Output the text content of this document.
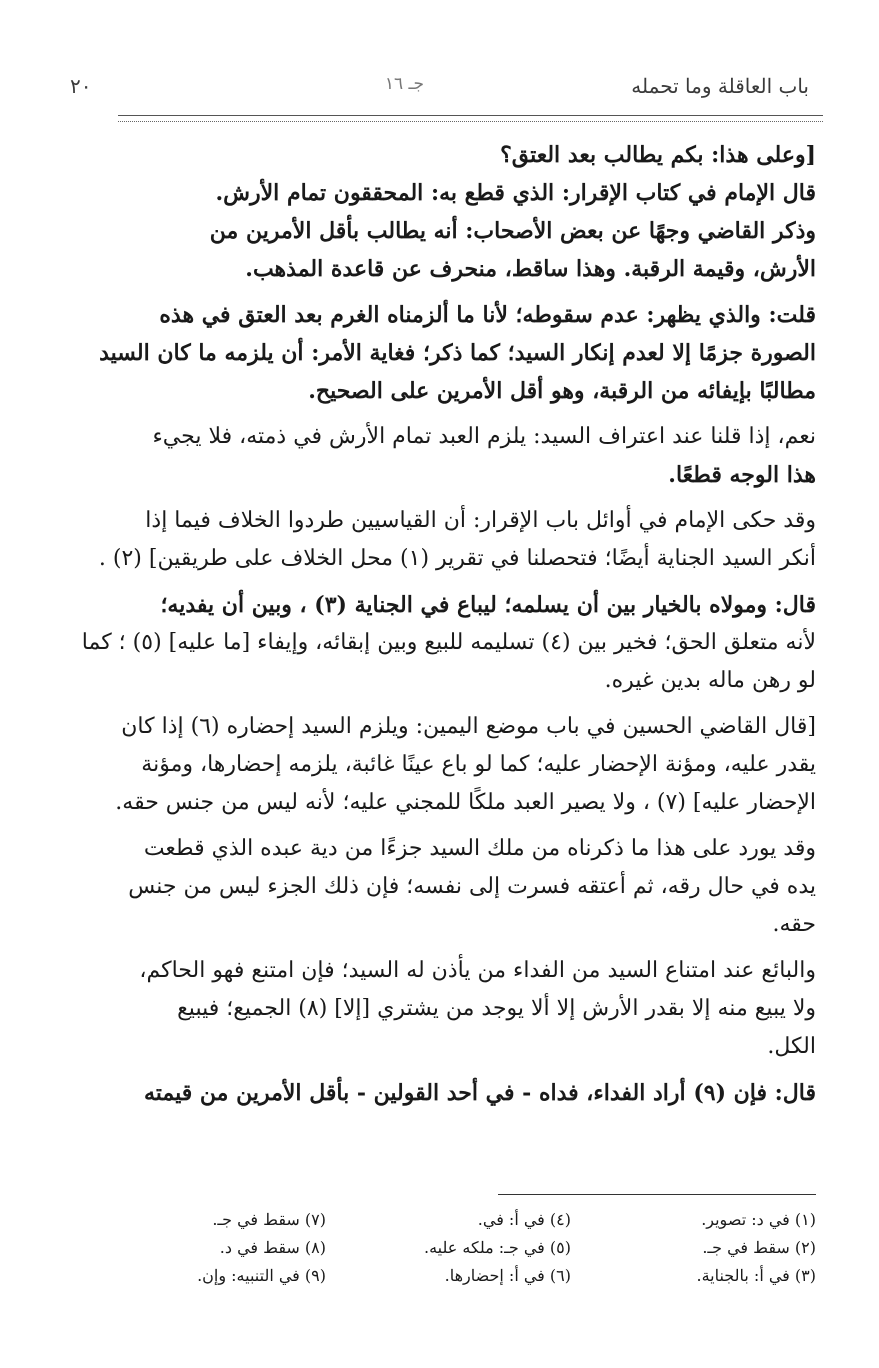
باب العاقلة وما تحمله
جـ ١٦
٢٠
[وعلى هذا: بكم يطالب بعد العتق؟
قال الإمام في كتاب الإقرار: الذي قطع به: المحققون تمام الأرش.
وذكر القاضي وجهًا عن بعض الأصحاب: أنه يطالب بأقل الأمرين من
الأرش، وقيمة الرقبة. وهذا ساقط، منحرف عن قاعدة المذهب.
قلت: والذي يظهر: عدم سقوطه؛ لأنا ما ألزمناه الغرم بعد العتق في هذه
الصورة جزمًا إلا لعدم إنكار السيد؛ كما ذكر؛ فغاية الأمر: أن يلزمه ما كان السيد
مطالبًا بإيفائه من الرقبة، وهو أقل الأمرين على الصحيح.
نعم، إذا قلنا عند اعتراف السيد: يلزم العبد تمام الأرش في ذمته، فلا يجيء
هذا الوجه قطعًا.
وقد حكى الإمام في أوائل باب الإقرار: أن القياسيين طردوا الخلاف فيما إذا
أنكر السيد الجناية أيضًا؛ فتحصلنا في تقرير (١) محل الخلاف على طريقين] (٢) .
قال: ومولاه بالخيار بين أن يسلمه؛ ليباع في الجناية (٣) ، وبين أن يفديه؛
لأنه متعلق الحق؛ فخير بين (٤) تسليمه للبيع وبين إبقائه، وإيفاء [ما عليه] (٥) ؛ كما
لو رهن ماله بدين غيره.
[قال القاضي الحسين في باب موضع اليمين: ويلزم السيد إحضاره (٦) إذا كان
يقدر عليه، ومؤنة الإحضار عليه؛ كما لو باع عينًا غائبة، يلزمه إحضارها، ومؤنة
الإحضار عليه] (٧) ، ولا يصير العبد ملكًا للمجني عليه؛ لأنه ليس من جنس حقه.
وقد يورد على هذا ما ذكرناه من ملك السيد جزءًا من دية عبده الذي قطعت
يده في حال رقه، ثم أعتقه فسرت إلى نفسه؛ فإن ذلك الجزء ليس من جنس
حقه.
والبائع عند امتناع السيد من الفداء من يأذن له السيد؛ فإن امتنع فهو الحاكم،
ولا يبيع منه إلا بقدر الأرش إلا ألا يوجد من يشتري [إلا] (٨) الجميع؛ فيبيع
الكل.
قال: فإن (٩) أراد الفداء، فداه - في أحد القولين - بأقل الأمرين من قيمته
(١) في د: تصوير.
(٤) في أ: في.
(٧) سقط في جـ.
(٢) سقط في جـ.
(٥) في جـ: ملكه عليه.
(٨) سقط في د.
(٣) في أ: بالجناية.
(٦) في أ: إحضارها.
(٩) في التنبيه: وإن.
